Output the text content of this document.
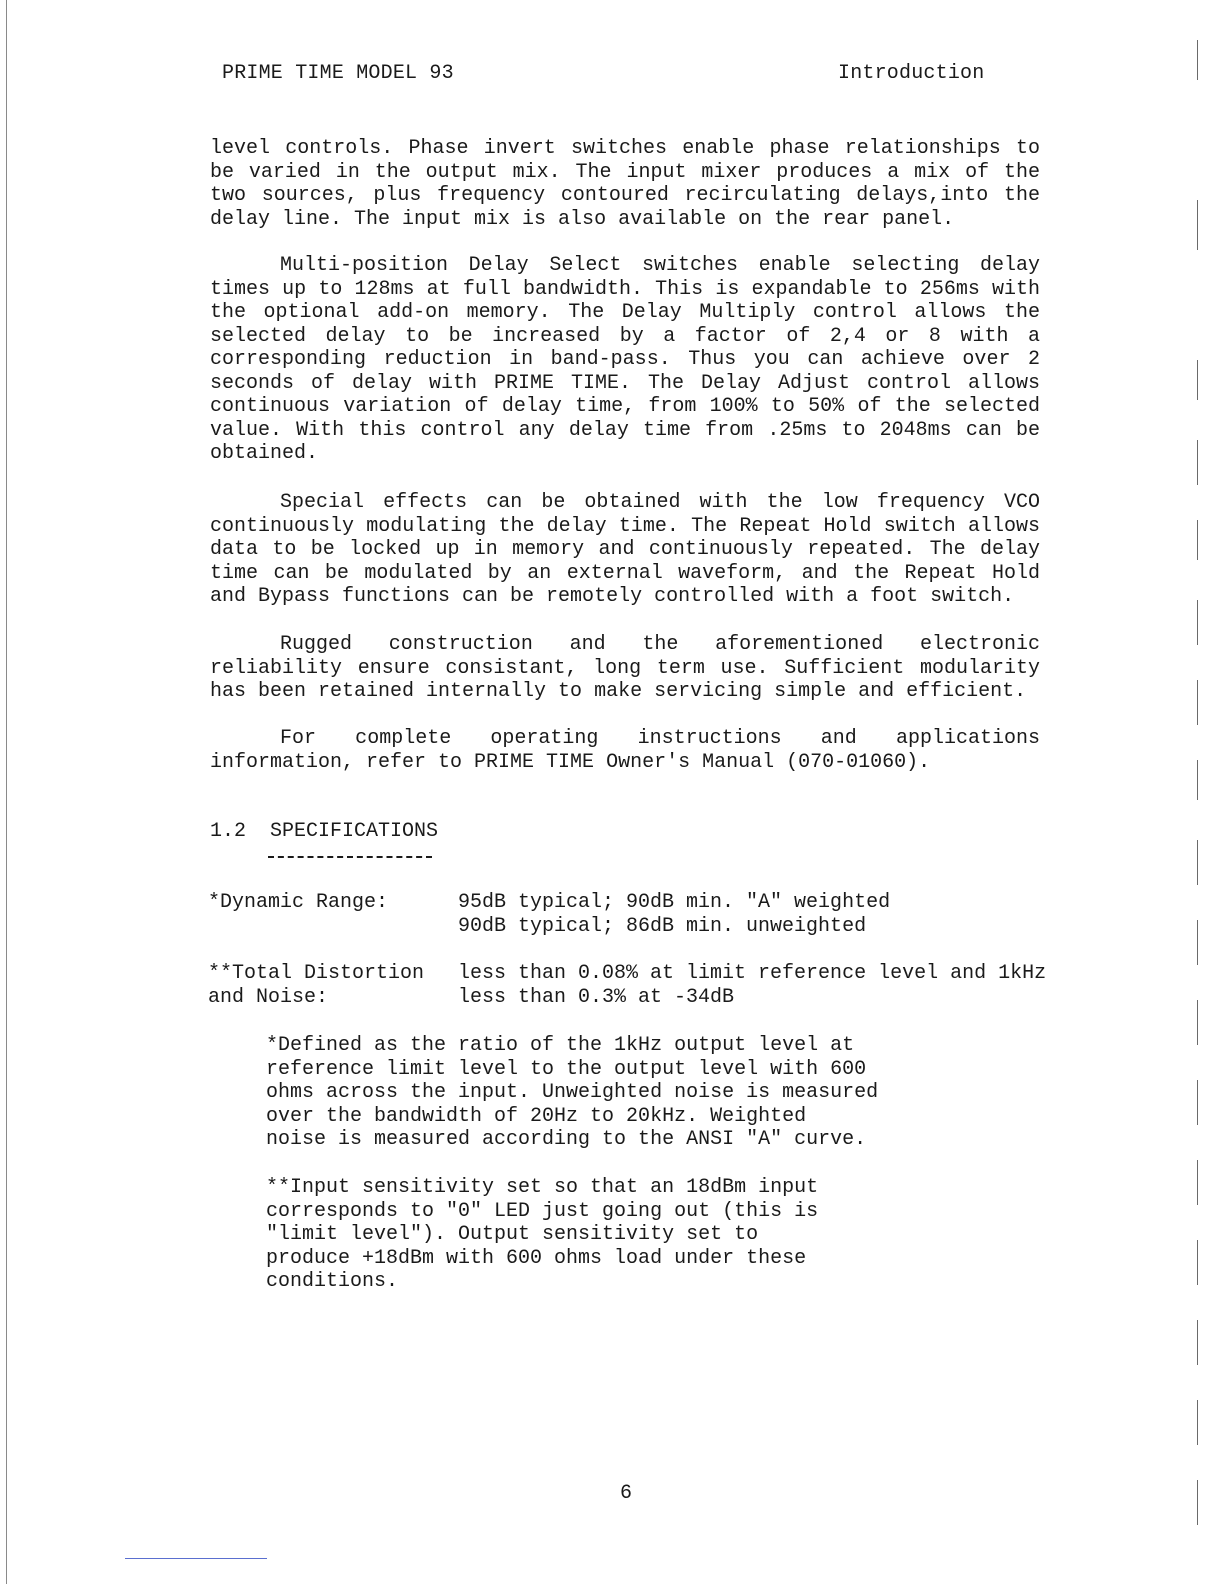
PRIME TIME MODEL 93	Introduction

level controls. Phase invert switches enable phase relationships to be varied in the output mix. The input mixer produces a mix of the two sources, plus frequency contoured recirculating delays,into the delay line. The input mix is also available on the rear panel.

Multi-position Delay Select switches enable selecting delay times up to 128ms at full bandwidth. This is expandable to 256ms with the optional add-on memory. The Delay Multiply control allows the selected delay to be increased by a factor of 2,4 or 8 with a corresponding reduction in band-pass. Thus you can achieve over 2 seconds of delay with PRIME TIME. The Delay Adjust control allows continuous variation of delay time, from 100% to 50% of the selected value. With this control any delay time from .25ms to 2048ms can be obtained.

Special effects can be obtained with the low frequency VCO continuously modulating the delay time. The Repeat Hold switch allows data to be locked up in memory and continuously repeated. The delay time can be modulated by an external waveform, and the Repeat Hold and Bypass functions can be remotely controlled with a foot switch.

Rugged construction and the aforementioned electronic reliability ensure consistant, long term use. Sufficient modularity has been retained internally to make servicing simple and efficient.

For complete operating instructions and applications information, refer to PRIME TIME Owner's Manual (070-01060).

1.2  SPECIFICATIONS
*Dynamic Range:	95dB typical; 90dB min. "A" weighted
90dB typical; 86dB min. unweighted
**Total Distortion
and Noise:
less than 0.08% at limit reference level and 1kHz
less than 0.3% at -34dB
*Defined as the ratio of the 1kHz output level at
reference limit level to the output level with 600
ohms across the input. Unweighted noise is measured
over the bandwidth of 20Hz to 20kHz. Weighted
noise is measured according to the ANSI "A" curve.
**Input sensitivity set so that an 18dBm input
corresponds to "0" LED just going out (this is
"limit level"). Output sensitivity set to
produce +18dBm with 600 ohms load under these
conditions.
6
